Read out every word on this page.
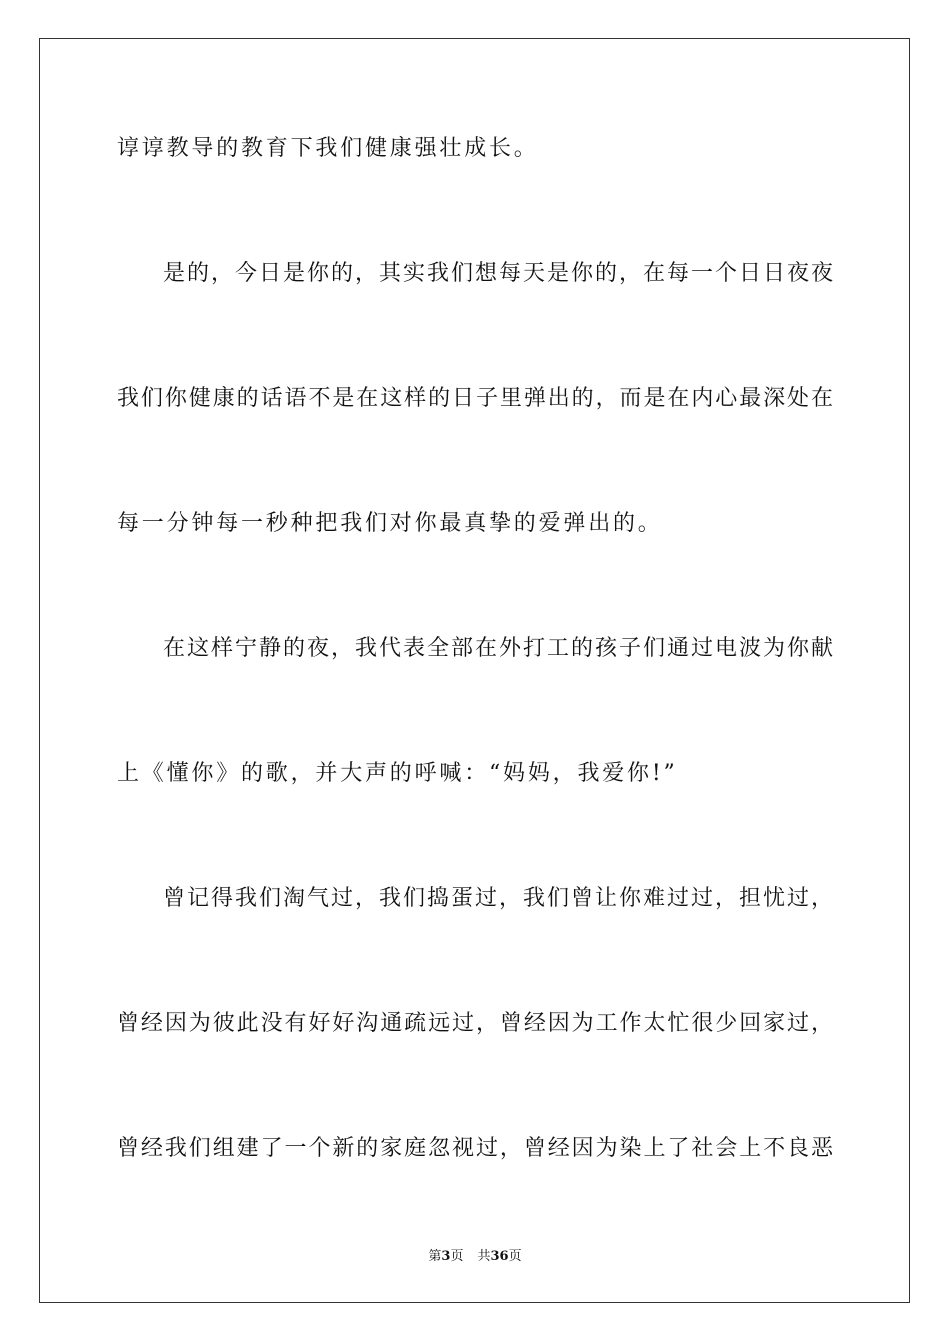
谆谆教导的教育下我们健康强壮成长。
是的，今日是你的，其实我们想每天是你的，在每一个日日夜夜
我们你健康的话语不是在这样的日子里弹出的，而是在内心最深处在
每一分钟每一秒种把我们对你最真挚的爱弹出的。
在这样宁静的夜，我代表全部在外打工的孩子们通过电波为你献
上《懂你》的歌，并大声的呼喊：“妈妈，我爱你!”
曾记得我们淘气过，我们捣蛋过，我们曾让你难过过，担忧过，
曾经因为彼此没有好好沟通疏远过，曾经因为工作太忙很少回家过，
曾经我们组建了一个新的家庭忽视过，曾经因为染上了社会上不良恶
第3页 共36页
